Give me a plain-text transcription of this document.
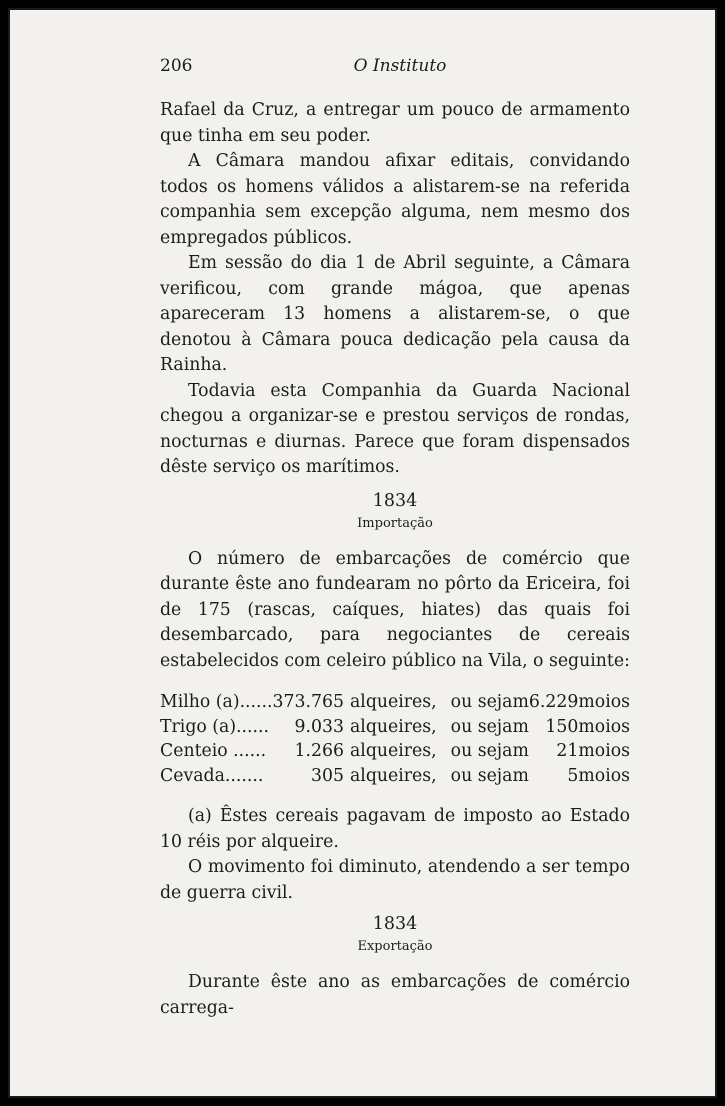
206	O Instituto

Rafael da Cruz, a entregar um pouco de armamento que tinha em seu poder.

A Câmara mandou afixar editais, convidando todos os homens válidos a alistarem-se na referida companhia sem excepção alguma, nem mesmo dos empregados públicos.

Em sessão do dia 1 de Abril seguinte, a Câmara verificou, com grande mágoa, que apenas apareceram 13 homens a alistarem-se, o que denotou à Câmara pouca dedicação pela causa da Rainha.

Todavia esta Companhia da Guarda Nacional chegou a organizar-se e prestou serviços de rondas, nocturnas e diurnas. Parece que foram dispensados dêste serviço os marítimos.

1834
Importação

O número de embarcações de comércio que durante êste ano fundearam no pôrto da Ericeira, foi de 175 (rascas, caíques, hiates) das quais foi desembarcado, para negociantes de cereais estabelecidos com celeiro público na Vila, o seguinte:

Milho (a)......	373.765	alqueires,	ou sejam	6.229	moios
Trigo (a)......	9.033	alqueires,	ou sejam	150	moios
Centeio ......	1.266	alqueires,	ou sejam	21	moios
Cevada.......	305	alqueires,	ou sejam	5	moios

(a) Êstes cereais pagavam de imposto ao Estado 10 réis por alqueire.

O movimento foi diminuto, atendendo a ser tempo de guerra civil.

1834
Exportação

Durante êste ano as embarcações de comércio carrega-
